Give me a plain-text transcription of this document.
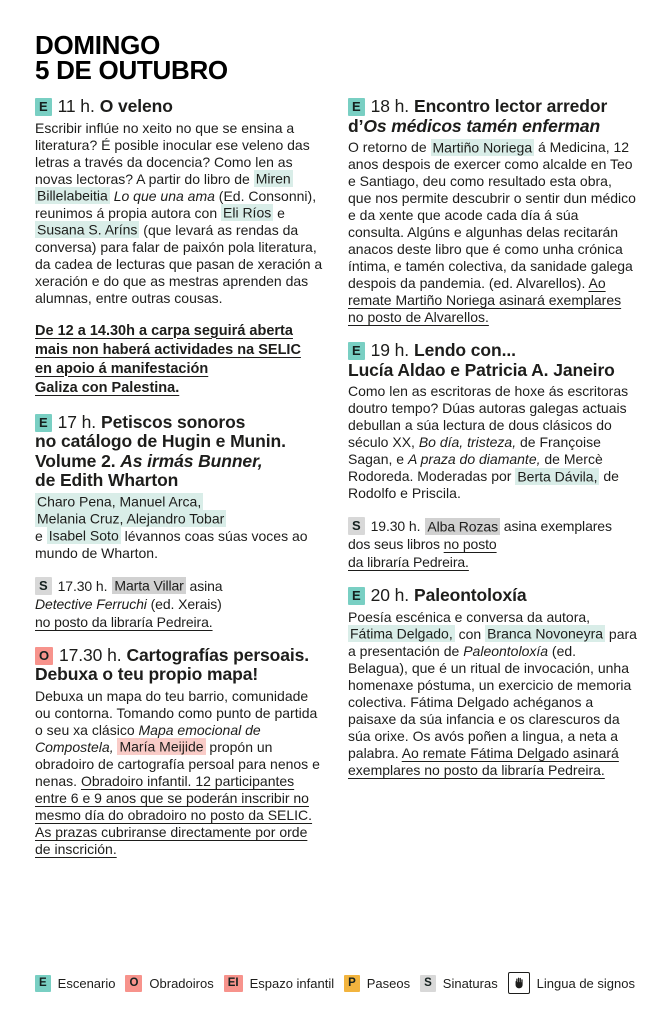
DOMINGO
5 DE OUTUBRO
E 11 h. O veleno

Escribir inflúe no xeito no que se ensina a literatura? É posible inocular ese veleno das letras a través da docencia? Como len as novas lectoras? A partir do libro de Miren Billelabeitia Lo que una ama (Ed. Consonni), reunimos á propia autora con Eli Ríos e Susana S. Aríns (que levará as rendas da conversa) para falar de paixón pola literatura, da cadea de lecturas que pasan de xeración a xeración e do que as mestras aprenden das alumnas, entre outras cousas.

De 12 a 14.30h a carpa seguirá aberta
mais non haberá actividades na SELIC
en apoio á manifestación
Galiza con Palestina.

E 17 h. Petiscos sonoros
no catálogo de Hugin e Munin.
Volume 2. As irmás Bunner,
de Edith Wharton

Charo Pena, Manuel Arca,
Melania Cruz, Alejandro Tobar
e Isabel Soto lévannos coas súas voces ao mundo de Wharton.

S 17.30 h. Marta Villar asina
Detective Ferruchi (ed. Xerais)
no posto da libraría Pedreira.
O 17.30 h. Cartografías persoais.
Debuxa o teu propio mapa!

Debuxa un mapa do teu barrio, comunidade ou contorna. Tomando como punto de partida o seu xa clásico Mapa emocional de Compostela, María Meijide propón un obradoiro de cartografía persoal para nenos e nenas. Obradoiro infantil. 12 participantes entre 6 e 9 anos que se poderán inscribir no mesmo día do obradoiro no posto da SELIC. As prazas cubriranse directamente por orde de inscrición.

E 18 h. Encontro lector arredor
d’Os médicos tamén enferman

O retorno de Martiño Noriega á Medicina, 12 anos despois de exercer como alcalde en Teo e Santiago, deu como resultado esta obra, que nos permite descubrir o sentir dun médico e da xente que acode cada día á súa consulta. Algúns e algunhas delas recitarán anacos deste libro que é como unha crónica íntima, e tamén colectiva, da sanidade galega despois da pandemia. (ed. Alvarellos). Ao remate Martiño Noriega asinará exemplares no posto de Alvarellos.

E 19 h. Lendo con...
Lucía Aldao e Patricia A. Janeiro

Como len as escritoras de hoxe ás escritoras doutro tempo? Dúas autoras galegas actuais debullan a súa lectura de dous clásicos do século XX, Bo día, tristeza, de Françoise Sagan, e A praza do diamante, de Mercè Rodoreda. Moderadas por Berta Dávila, de Rodolfo e Priscila.

S 19.30 h. Alba Rozas asina exemplares
dos seus libros no posto
da libraría Pedreira.
E 20 h. Paleontoloxía

Poesía escénica e conversa da autora, Fátima Delgado, con Branca Novoneyra para a presentación de Paleontoloxía (ed. Belagua), que é un ritual de invocación, unha homenaxe póstuma, un exercicio de memoria colectiva. Fátima Delgado achéganos a paisaxe da súa infancia e os clarescuros da súa orixe. Os avós poñen a lingua, a neta a palabra. Ao remate Fátima Delgado asinará exemplares no posto da libraría Pedreira.

E Escenario	O Obradoiros	EI Espazo infantil	P Paseos	S Sinaturas	Lingua de signos
